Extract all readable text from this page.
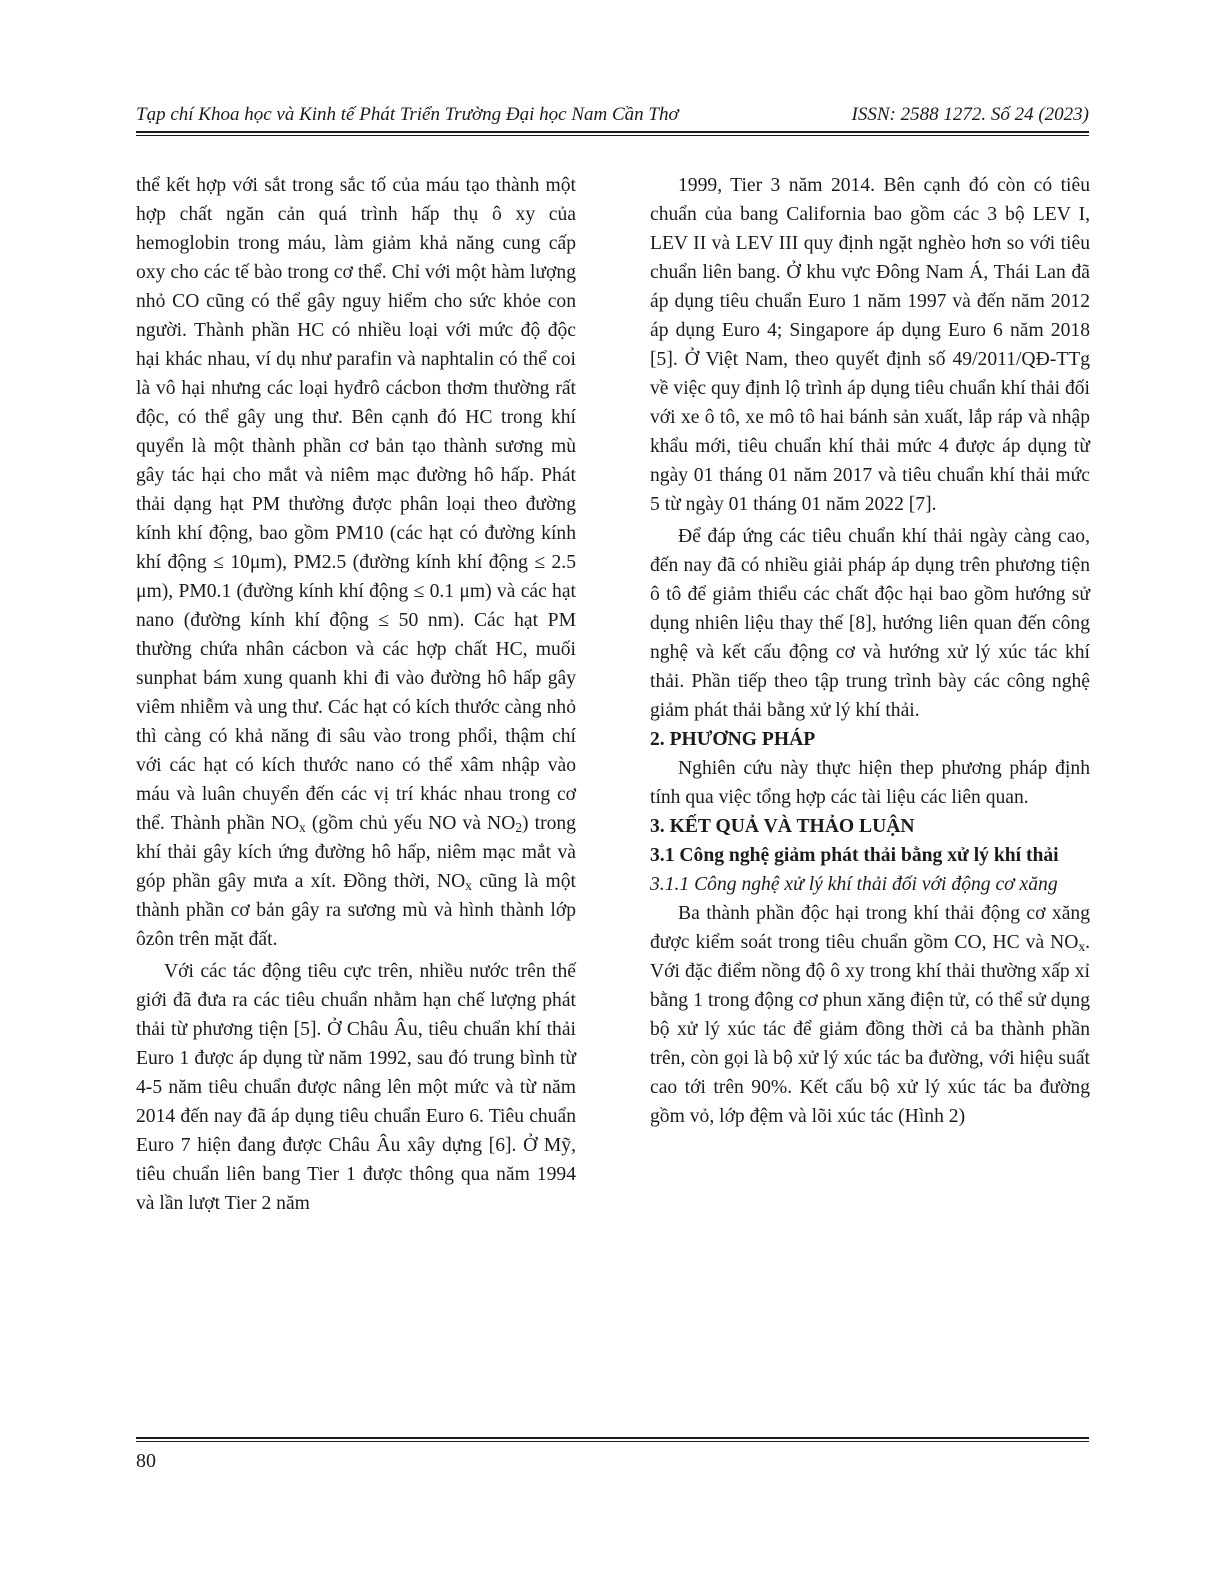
Tạp chí Khoa học và Kinh tế Phát Triển Trường Đại học Nam Cần Thơ	ISSN: 2588 1272. Số 24 (2023)

thể kết hợp với sắt trong sắc tố của máu tạo thành một hợp chất ngăn cản quá trình hấp thụ ô xy của hemoglobin trong máu, làm giảm khả năng cung cấp oxy cho các tế bào trong cơ thể. Chỉ với một hàm lượng nhỏ CO cũng có thể gây nguy hiểm cho sức khỏe con người. Thành phần HC có nhiều loại với mức độ độc hại khác nhau, ví dụ như parafin và naphtalin có thể coi là vô hại nhưng các loại hyđrô cácbon thơm thường rất độc, có thể gây ung thư. Bên cạnh đó HC trong khí quyển là một thành phần cơ bản tạo thành sương mù gây tác hại cho mắt và niêm mạc đường hô hấp. Phát thải dạng hạt PM thường được phân loại theo đường kính khí động, bao gồm PM10 (các hạt có đường kính khí động ≤ 10μm), PM2.5 (đường kính khí động ≤ 2.5 μm), PM0.1 (đường kính khí động ≤ 0.1 μm) và các hạt nano (đường kính khí động ≤ 50 nm). Các hạt PM thường chứa nhân cácbon và các hợp chất HC, muối sunphat bám xung quanh khi đi vào đường hô hấp gây viêm nhiễm và ung thư. Các hạt có kích thước càng nhỏ thì càng có khả năng đi sâu vào trong phổi, thậm chí với các hạt có kích thước nano có thể xâm nhập vào máu và luân chuyển đến các vị trí khác nhau trong cơ thể. Thành phần $NO_x$ (gồm chủ yếu NO và $NO_2$) trong khí thải gây kích ứng đường hô hấp, niêm mạc mắt và góp phần gây mưa a xít. Đồng thời, $NO_x$ cũng là một thành phần cơ bản gây ra sương mù và hình thành lớp ôzôn trên mặt đất.

Với các tác động tiêu cực trên, nhiều nước trên thế giới đã đưa ra các tiêu chuẩn nhằm hạn chế lượng phát thải từ phương tiện [5]. Ở Châu Âu, tiêu chuẩn khí thải Euro 1 được áp dụng từ năm 1992, sau đó trung bình từ 4-5 năm tiêu chuẩn được nâng lên một mức và từ năm 2014 đến nay đã áp dụng tiêu chuẩn Euro 6. Tiêu chuẩn Euro 7 hiện đang được Châu Âu xây dựng [6]. Ở Mỹ, tiêu chuẩn liên bang Tier 1 được thông qua năm 1994 và lần lượt Tier 2 năm

1999, Tier 3 năm 2014. Bên cạnh đó còn có tiêu chuẩn của bang California bao gồm các 3 bộ LEV I, LEV II và LEV III quy định ngặt nghèo hơn so với tiêu chuẩn liên bang. Ở khu vực Đông Nam Á, Thái Lan đã áp dụng tiêu chuẩn Euro 1 năm 1997 và đến năm 2012 áp dụng Euro 4; Singapore áp dụng Euro 6 năm 2018 [5]. Ở Việt Nam, theo quyết định số 49/2011/QĐ-TTg về việc quy định lộ trình áp dụng tiêu chuẩn khí thải đối với xe ô tô, xe mô tô hai bánh sản xuất, lắp ráp và nhập khẩu mới, tiêu chuẩn khí thải mức 4 được áp dụng từ ngày 01 tháng 01 năm 2017 và tiêu chuẩn khí thải mức 5 từ ngày 01 tháng 01 năm 2022 [7].

Để đáp ứng các tiêu chuẩn khí thải ngày càng cao, đến nay đã có nhiều giải pháp áp dụng trên phương tiện ô tô để giảm thiểu các chất độc hại bao gồm hướng sử dụng nhiên liệu thay thế [8], hướng liên quan đến công nghệ và kết cấu động cơ và hướng xử lý xúc tác khí thải. Phần tiếp theo tập trung trình bày các công nghệ giảm phát thải bằng xử lý khí thải.

2. PHƯƠNG PHÁP

Nghiên cứu này thực hiện thep phương pháp định tính qua việc tổng hợp các tài liệu các liên quan.

3. KẾT QUẢ VÀ THẢO LUẬN

3.1 Công nghệ giảm phát thải bằng xử lý khí thải

3.1.1 Công nghệ xử lý khí thải đối với động cơ xăng

Ba thành phần độc hại trong khí thải động cơ xăng được kiểm soát trong tiêu chuẩn gồm CO, HC và $NO_x$. Với đặc điểm nồng độ ô xy trong khí thải thường xấp xỉ bằng 1 trong động cơ phun xăng điện tử, có thể sử dụng bộ xử lý xúc tác để giảm đồng thời cả ba thành phần trên, còn gọi là bộ xử lý xúc tác ba đường, với hiệu suất cao tới trên 90%. Kết cấu bộ xử lý xúc tác ba đường gồm vỏ, lớp đệm và lõi xúc tác (Hình 2)

80
